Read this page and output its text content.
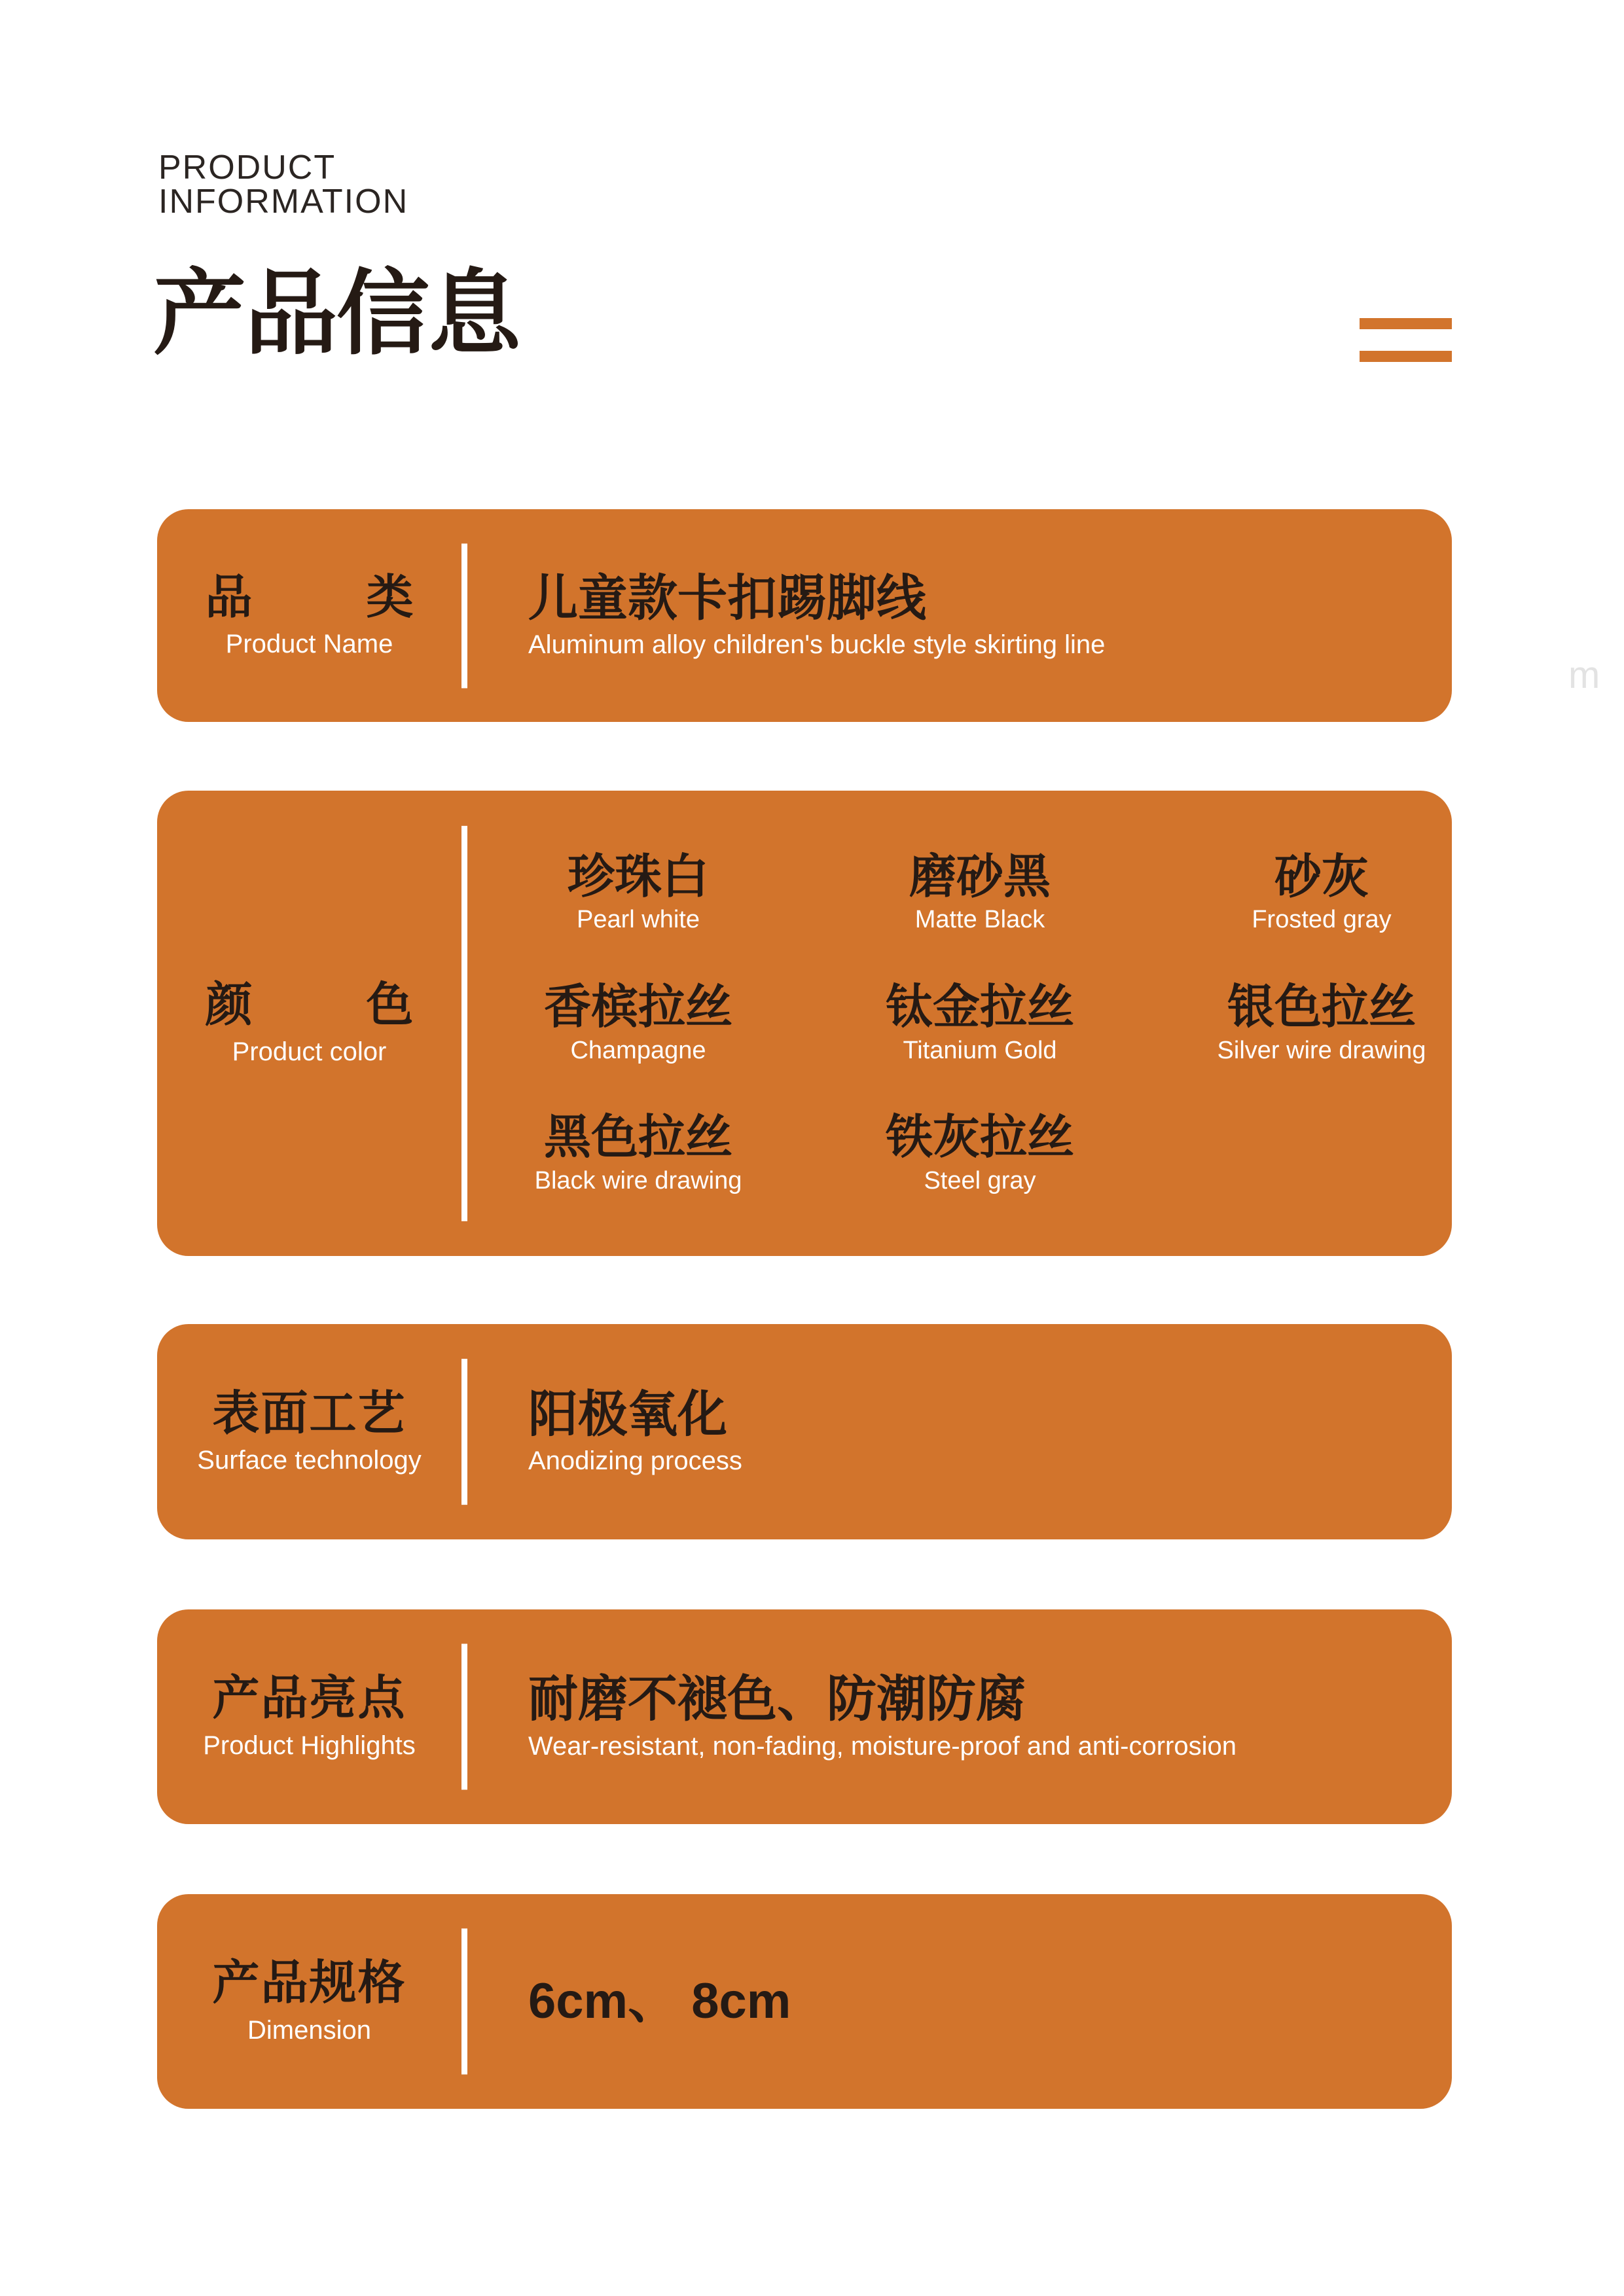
PRODUCT
INFORMATION
产品信息
m
品 类
Product Name
儿童款卡扣踢脚线
Aluminum alloy children's buckle style skirting line
颜 色
Product color
珍珠白
Pearl white
磨砂黑
Matte Black
砂灰
Frosted gray
香槟拉丝
Champagne
钛金拉丝
Titanium Gold
银色拉丝
Silver wire drawing
黑色拉丝
Black wire drawing
铁灰拉丝
Steel gray
表面工艺
Surface technology
阳极氧化
Anodizing process
产品亮点
Product Highlights
耐磨不褪色、防潮防腐
Wear-resistant, non-fading, moisture-proof and anti-corrosion
产品规格
Dimension
6cm、 8cm
